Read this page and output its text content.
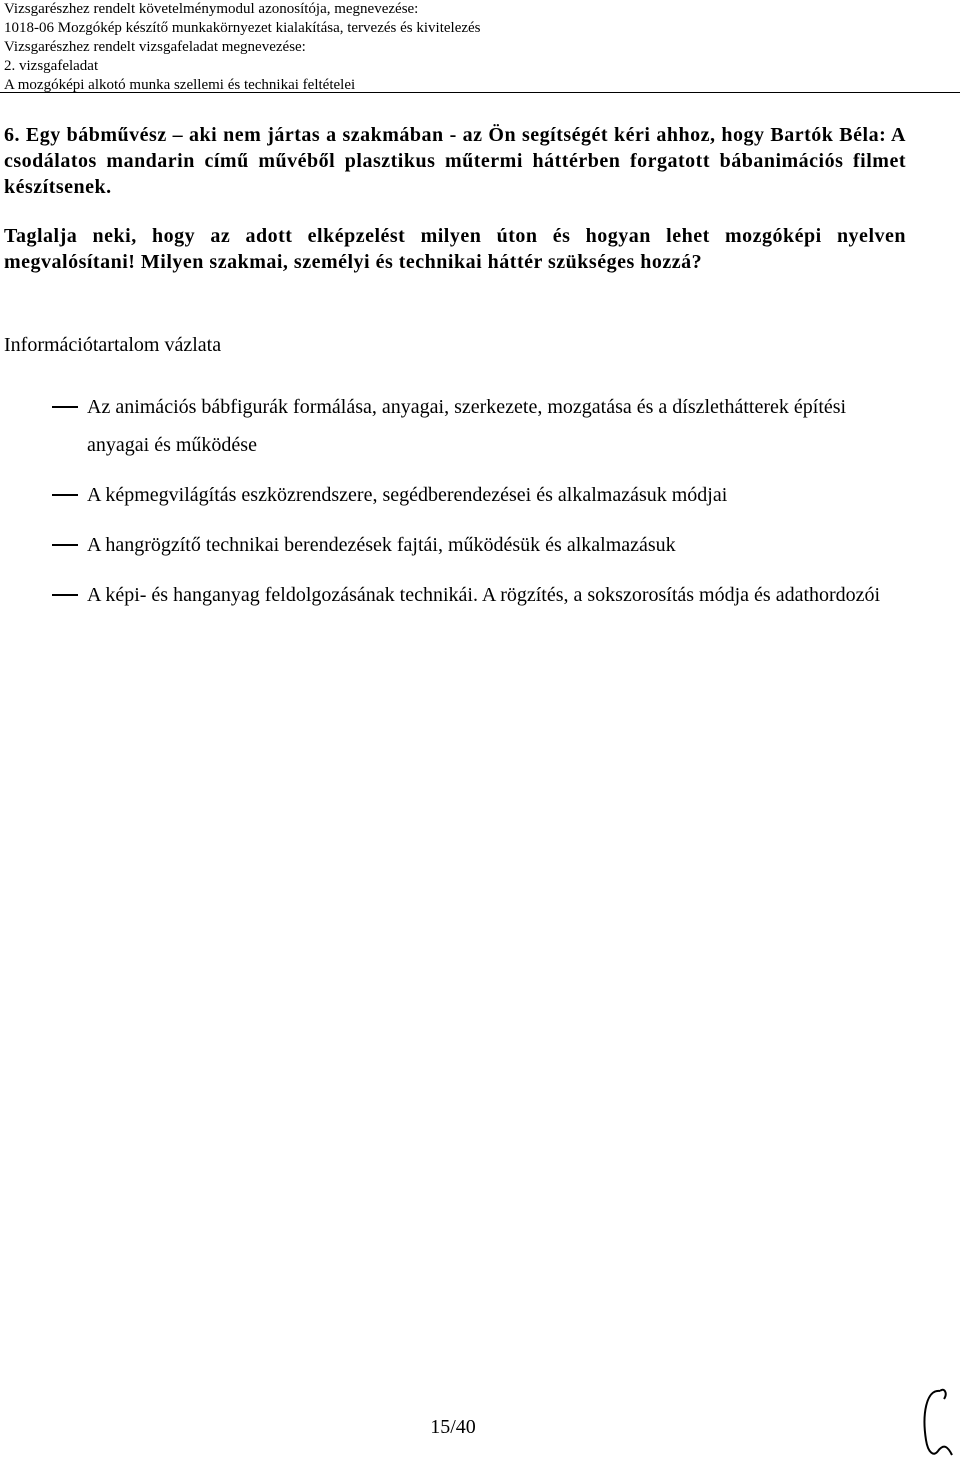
Vizsgarészhez rendelt követelménymodul azonosítója, megnevezése:
1018-06 Mozgókép készítő munkakörnyezet kialakítása, tervezés és kivitelezés
Vizsgarészhez rendelt vizsgafeladat megnevezése:
2. vizsgafeladat
A mozgóképi alkotó munka szellemi és technikai feltételei

6. Egy bábművész – aki nem jártas a szakmában - az Ön segítségét kéri ahhoz, hogy Bartók Béla: A csodálatos mandarin című művéből plasztikus műtermi háttérben forgatott bábanimációs filmet készítsenek.

Taglalja neki, hogy az adott elképzelést milyen úton és hogyan lehet mozgóképi nyelven megvalósítani! Milyen szakmai, személyi és technikai háttér szükséges hozzá?

Információtartalom vázlata
Az animációs bábfigurák formálása, anyagai, szerkezete, mozgatása és a díszlethátterek építési anyagai és működése
A képmegvilágítás eszközrendszere, segédberendezései és alkalmazásuk módjai
A hangrögzítő technikai berendezések fajtái, működésük és alkalmazásuk
A képi- és hanganyag feldolgozásának technikái. A rögzítés, a sokszorosítás módja és adathordozói
15/40
